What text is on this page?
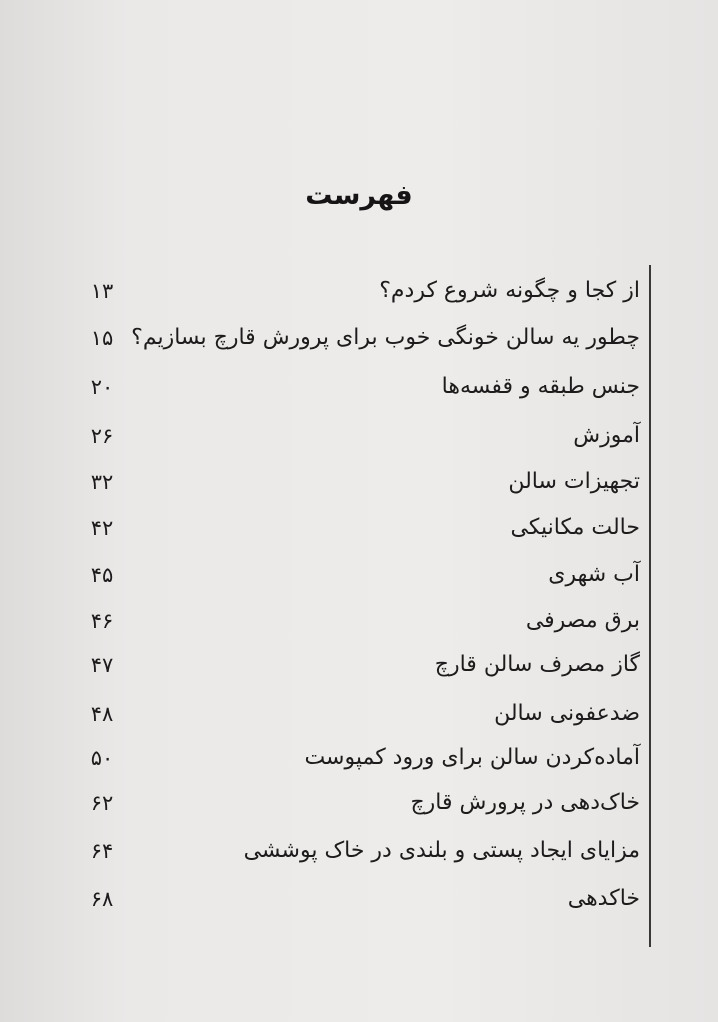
فهرست
از کجا و چگونه شروع کردم؟
۱۳
چطور یه سالن خونگی خوب برای پرورش قارچ بسازیم؟
۱۵
جنس طبقه و قفسه‌ها
۲۰
آموزش
۲۶
تجهیزات سالن
۳۲
حالت مکانیکی
۴۲
آب شهری
۴۵
برق مصرفی
۴۶
گاز مصرف سالن قارچ
۴۷
ضدعفونی سالن
۴۸
آماده‌کردن سالن برای ورود کمپوست
۵۰
خاک‌دهی در پرورش قارچ
۶۲
مزایای ایجاد پستی و بلندی در خاک پوششی
۶۴
خاکدهی
۶۸
